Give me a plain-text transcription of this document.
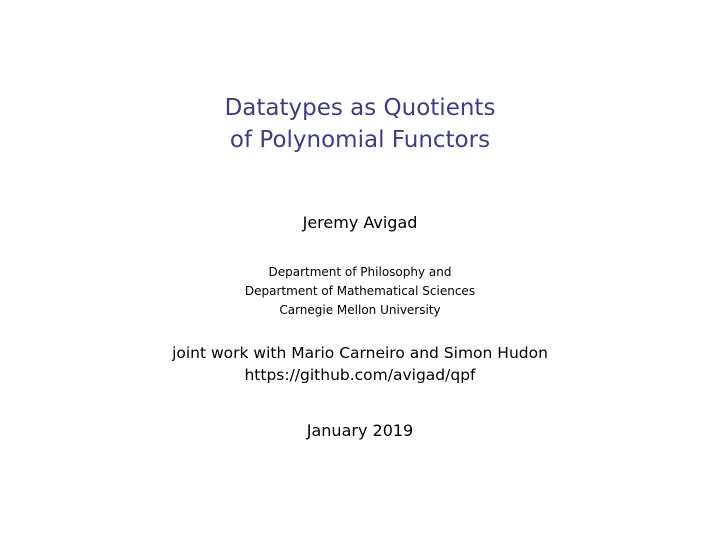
Datatypes as Quotients
of Polynomial Functors
Jeremy Avigad
Department of Philosophy and
Department of Mathematical Sciences
Carnegie Mellon University
joint work with Mario Carneiro and Simon Hudon
https://github.com/avigad/qpf
January 2019
